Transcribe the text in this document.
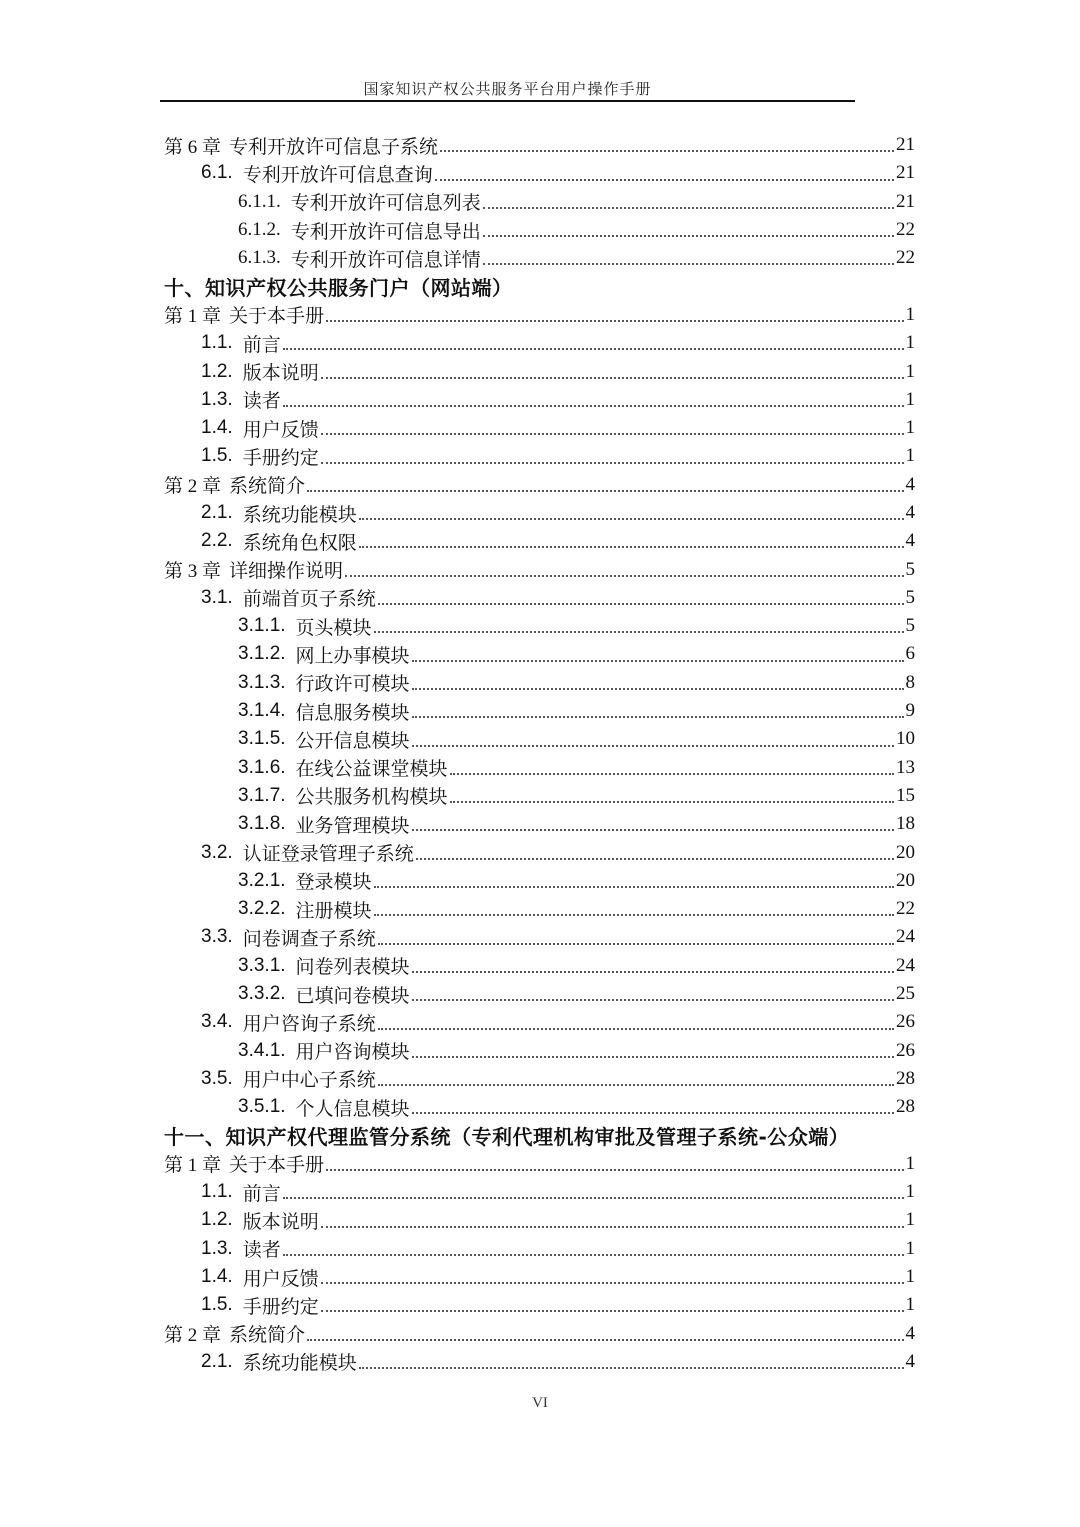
国家知识产权公共服务平台用户操作手册
第 6 章 专利开放许可信息子系统	21
6.1. 专利开放许可信息查询	21
6.1.1. 专利开放许可信息列表	21
6.1.2. 专利开放许可信息导出	22
6.1.3. 专利开放许可信息详情	22
十、 知识产权公共服务门户（网站端）
第 1 章 关于本手册	1
1.1. 前言	1
1.2. 版本说明	1
1.3. 读者	1
1.4. 用户反馈	1
1.5. 手册约定	1
第 2 章 系统简介	4
2.1. 系统功能模块	4
2.2. 系统角色权限	4
第 3 章 详细操作说明	5
3.1. 前端首页子系统	5
3.1.1. 页头模块	5
3.1.2. 网上办事模块	6
3.1.3. 行政许可模块	8
3.1.4. 信息服务模块	9
3.1.5. 公开信息模块	10
3.1.6. 在线公益课堂模块	13
3.1.7. 公共服务机构模块	15
3.1.8. 业务管理模块	18
3.2. 认证登录管理子系统	20
3.2.1. 登录模块	20
3.2.2. 注册模块	22
3.3. 问卷调查子系统	24
3.3.1. 问卷列表模块	24
3.3.2. 已填问卷模块	25
3.4. 用户咨询子系统	26
3.4.1. 用户咨询模块	26
3.5. 用户中心子系统	28
3.5.1. 个人信息模块	28
十一、 知识产权代理监管分系统（专利代理机构审批及管理子系统-公众端）
第 1 章 关于本手册	1
1.1. 前言	1
1.2. 版本说明	1
1.3. 读者	1
1.4. 用户反馈	1
1.5. 手册约定	1
第 2 章 系统简介	4
2.1. 系统功能模块	4
VI
